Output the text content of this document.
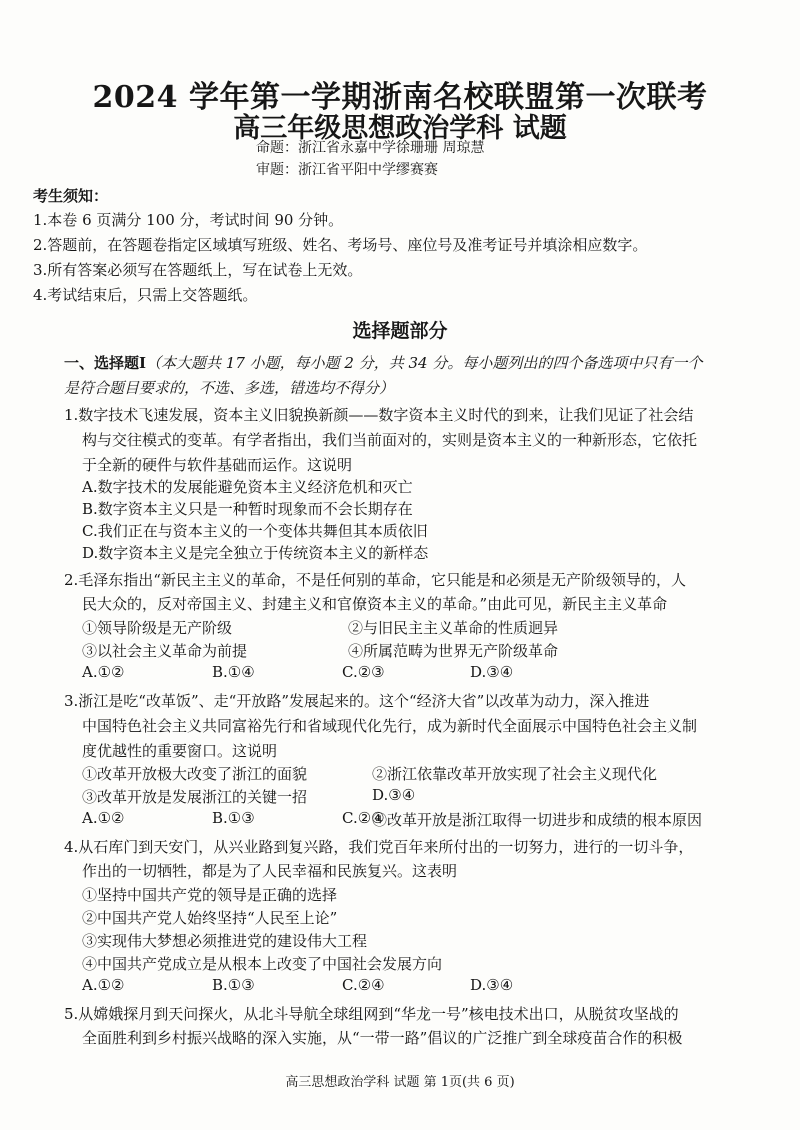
2024 学年第一学期浙南名校联盟第一次联考
高三年级思想政治学科 试题
命题：浙江省永嘉中学徐珊珊 周琼慧
审题：浙江省平阳中学缪赛赛
考生须知：
1.本卷 6 页满分 100 分，考试时间 90 分钟。
2.答题前，在答题卷指定区域填写班级、姓名、考场号、座位号及准考证号并填涂相应数字。
3.所有答案必须写在答题纸上，写在试卷上无效。
4.考试结束后，只需上交答题纸。
选择题部分
一、选择题Ⅰ（本大题共 17 小题，每小题 2 分，共 34 分。每小题列出的四个备选项中只有一个
是符合题目要求的，不选、多选，错选均不得分）
1.数字技术飞速发展，资本主义旧貌换新颜——数字资本主义时代的到来，让我们见证了社会结
构与交往模式的变革。有学者指出，我们当前面对的，实则是资本主义的一种新形态，它依托
于全新的硬件与软件基础而运作。这说明
A.数字技术的发展能避免资本主义经济危机和灭亡
B.数字资本主义只是一种暂时现象而不会长期存在
C.我们正在与资本主义的一个变体共舞但其本质依旧
D.数字资本主义是完全独立于传统资本主义的新样态
2.毛泽东指出“新民主主义的革命，不是任何别的革命，它只能是和必须是无产阶级领导的，人
民大众的，反对帝国主义、封建主义和官僚资本主义的革命。”由此可见，新民主主义革命
①领导阶级是无产阶级	②与旧民主主义革命的性质迥异
③以社会主义革命为前提	④所属范畴为世界无产阶级革命
A.①②	B.①④	C.②③	D.③④
3.浙江是吃“改革饭”、走“开放路”发展起来的。这个“经济大省”以改革为动力，深入推进
中国特色社会主义共同富裕先行和省域现代化先行，成为新时代全面展示中国特色社会主义制
度优越性的重要窗口。这说明
①改革开放极大改变了浙江的面貌	②浙江依靠改革开放实现了社会主义现代化
③改革开放是发展浙江的关键一招
④改革开放是浙江取得一切进步和成绩的根本原因
A.①②	B.①③	C.②④
D.③④
4.从石库门到天安门，从兴业路到复兴路，我们党百年来所付出的一切努力，进行的一切斗争，
作出的一切牺牲，都是为了人民幸福和民族复兴。这表明
①坚持中国共产党的领导是正确的选择
②中国共产党人始终坚持“人民至上论”
③实现伟大梦想必须推进党的建设伟大工程
④中国共产党成立是从根本上改变了中国社会发展方向
A.①②	B.①③	C.②④	D.③④
5.从嫦娥探月到天问探火，从北斗导航全球组网到“华龙一号”核电技术出口，从脱贫攻坚战的
全面胜利到乡村振兴战略的深入实施，从“一带一路”倡议的广泛推广到全球疫苗合作的积极
高三思想政治学科 试题 第 1页(共 6 页)
